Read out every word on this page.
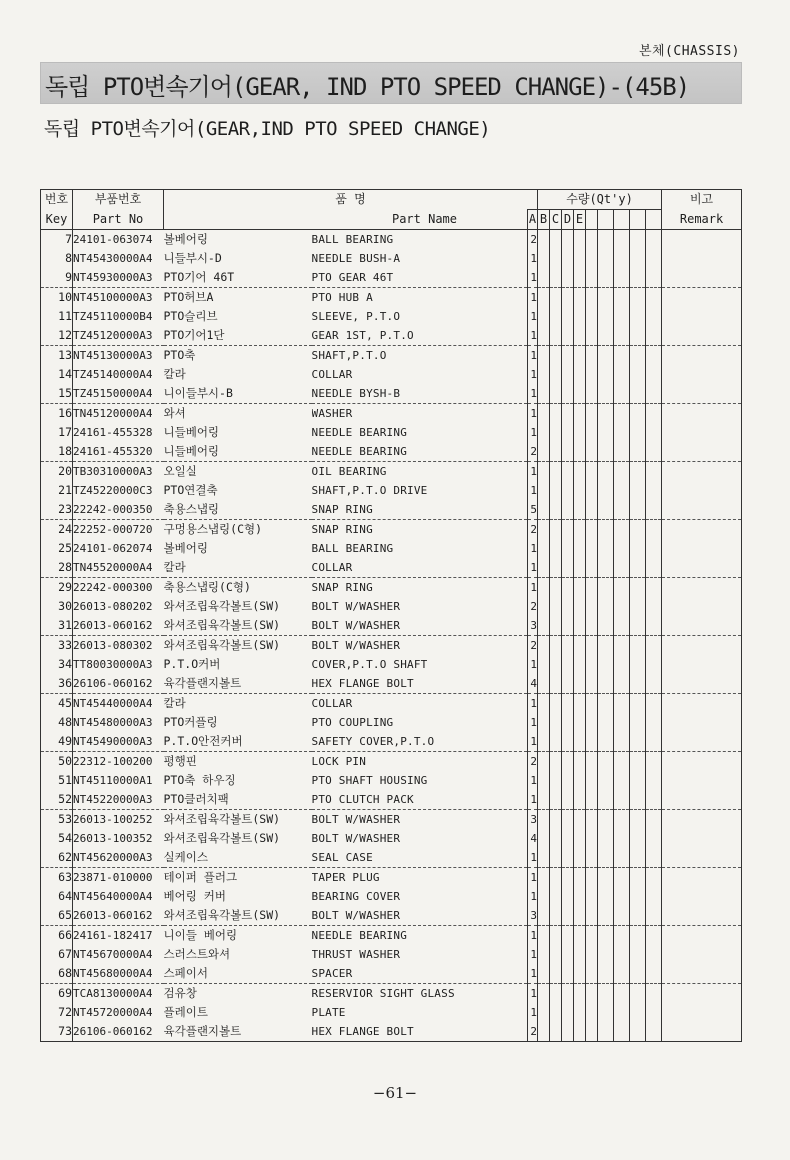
본체(CHASSIS)
독립 PTO변속기어(GEAR, IND PTO SPEED CHANGE)-(45B)
독립 PTO변속기어(GEAR,IND PTO SPEED CHANGE)
번호	부품번호	품 명			수량(Qt'y)									비고
Key	Part No	Part Name		A	B	C	D	E						Remark
7	24101-063074	볼베어링	BALL BEARING	2										
8	NT45430000A4	니들부시-D	NEEDLE BUSH-A	1										
9	NT45930000A3	PTO기어 46T	PTO GEAR 46T	1										
10	NT45100000A3	PTO허브A	PTO HUB A	1										
11	TZ45110000B4	PTO슬리브	SLEEVE, P.T.O	1										
12	TZ45120000A3	PTO기어1단	GEAR 1ST, P.T.O	1										
13	NT45130000A3	PTO축	SHAFT,P.T.O	1										
14	TZ45140000A4	칼라	COLLAR	1										
15	TZ45150000A4	니이들부시-B	NEEDLE BYSH-B	1										
16	TN45120000A4	와셔	WASHER	1										
17	24161-455328	니들베어링	NEEDLE BEARING	1										
18	24161-455320	니들베어링	NEEDLE BEARING	2										
20	TB30310000A3	오일실	OIL BEARING	1										
21	TZ45220000C3	PTO연결축	SHAFT,P.T.O DRIVE	1										
23	22242-000350	축용스냅링	SNAP RING	5										
24	22252-000720	구멍용스냅링(C형)	SNAP RING	2										
25	24101-062074	볼베어링	BALL BEARING	1										
28	TN45520000A4	칼라	COLLAR	1										
29	22242-000300	축용스냅링(C형)	SNAP RING	1										
30	26013-080202	와셔조립육각볼트(SW)	BOLT W/WASHER	2										
31	26013-060162	와셔조립육각볼트(SW)	BOLT W/WASHER	3										
33	26013-080302	와셔조립육각볼트(SW)	BOLT W/WASHER	2										
34	TT80030000A3	P.T.O커버	COVER,P.T.O SHAFT	1										
36	26106-060162	육각플랜지볼트	HEX FLANGE BOLT	4										
45	NT45440000A4	칼라	COLLAR	1										
48	NT45480000A3	PTO커플링	PTO COUPLING	1										
49	NT45490000A3	P.T.O안전커버	SAFETY COVER,P.T.O	1										
50	22312-100200	평행핀	LOCK PIN	2										
51	NT45110000A1	PTO축 하우징	PTO SHAFT HOUSING	1										
52	NT45220000A3	PTO클러치팩	PTO CLUTCH PACK	1										
53	26013-100252	와셔조립육각볼트(SW)	BOLT W/WASHER	3										
54	26013-100352	와셔조립육각볼트(SW)	BOLT W/WASHER	4										
62	NT45620000A3	실케이스	SEAL CASE	1										
63	23871-010000	테이퍼 플러그	TAPER PLUG	1										
64	NT45640000A4	베어링 커버	BEARING COVER	1										
65	26013-060162	와셔조립육각볼트(SW)	BOLT W/WASHER	3										
66	24161-182417	니이들 베어링	NEEDLE BEARING	1										
67	NT45670000A4	스러스트와셔	THRUST WASHER	1										
68	NT45680000A4	스페이서	SPACER	1										
69	TCA8130000A4	검유창	RESERVIOR SIGHT GLASS	1										
72	NT45720000A4	플레이트	PLATE	1										
73	26106-060162	육각플랜지볼트	HEX FLANGE BOLT	2										
−61−
